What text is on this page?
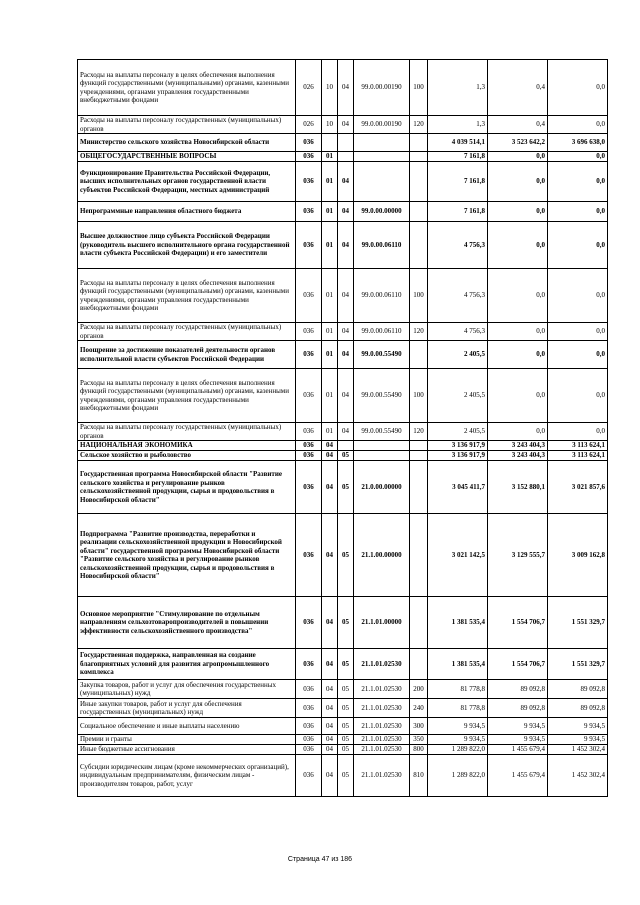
Расходы на выплаты персоналу в целях обеспечения выполнения функций государственными (муниципальными) органами, казенными учреждениями, органами управления государственными внебюджетными фондами	026	10	04	99.0.00.00190	100	1,3	0,4	0,0
Расходы на выплаты персоналу государственных (муниципальных) органов	026	10	04	99.0.00.00190	120	1,3	0,4	0,0
Министерство сельского хозяйства Новосибирской области	036					4 039 514,1	3 523 642,2	3 696 638,0
ОБЩЕГОСУДАРСТВЕННЫЕ ВОПРОСЫ	036	01				7 161,8	0,0	0,0
Функционирование Правительства Российской Федерации, высших исполнительных органов государственной власти субъектов Российской Федерации, местных администраций	036	01	04			7 161,8	0,0	0,0
Непрограммные направления областного бюджета	036	01	04	99.0.00.00000		7 161,8	0,0	0,0
Высшее должностное лицо субъекта Российской Федерации (руководитель высшего исполнительного органа государственной власти субъекта Российской Федерации) и его заместители	036	01	04	99.0.00.06110		4 756,3	0,0	0,0
Расходы на выплаты персоналу в целях обеспечения выполнения функций государственными (муниципальными) органами, казенными учреждениями, органами управления государственными внебюджетными фондами	036	01	04	99.0.00.06110	100	4 756,3	0,0	0,0
Расходы на выплаты персоналу государственных (муниципальных) органов	036	01	04	99.0.00.06110	120	4 756,3	0,0	0,0
Поощрение за достижение показателей деятельности органов исполнительной власти субъектов Российской Федерации	036	01	04	99.0.00.55490		2 405,5	0,0	0,0
Расходы на выплаты персоналу в целях обеспечения выполнения функций государственными (муниципальными) органами, казенными учреждениями, органами управления государственными внебюджетными фондами	036	01	04	99.0.00.55490	100	2 405,5	0,0	0,0
Расходы на выплаты персоналу государственных (муниципальных) органов	036	01	04	99.0.00.55490	120	2 405,5	0,0	0,0
НАЦИОНАЛЬНАЯ ЭКОНОМИКА	036	04				3 136 917,9	3 243 404,3	3 113 624,1
Сельское хозяйство и рыболовство	036	04	05			3 136 917,9	3 243 404,3	3 113 624,1
Государственная программа Новосибирской области "Развитие сельского хозяйства и регулирование рынков сельскохозяйственной продукции, сырья и продовольствия в Новосибирской области"	036	04	05	21.0.00.00000		3 045 411,7	3 152 880,1	3 021 857,6
Подпрограмма "Развитие производства, переработки и реализации сельскохозяйственной продукции в Новосибирской области" государственной программы Новосибирской области "Развитие сельского хозяйства и регулирование рынков сельскохозяйственной продукции, сырья и продовольствия в Новосибирской области"	036	04	05	21.1.00.00000		3 021 142,5	3 129 555,7	3 009 162,8
Основное мероприятие "Стимулирование по отдельным направлениям сельхозтоваропроизводителей в повышении эффективности сельскохозяйственного производства"	036	04	05	21.1.01.00000		1 381 535,4	1 554 706,7	1 551 329,7
Государственная поддержка, направленная на создание благоприятных условий для развития агропромышленного комплекса	036	04	05	21.1.01.02530		1 381 535,4	1 554 706,7	1 551 329,7
Закупка товаров, работ и услуг для обеспечения государственных (муниципальных) нужд	036	04	05	21.1.01.02530	200	81 778,8	89 092,8	89 092,8
Иные закупки товаров, работ и услуг для обеспечения государственных (муниципальных) нужд	036	04	05	21.1.01.02530	240	81 778,8	89 092,8	89 092,8
Социальное обеспечение и иные выплаты населению	036	04	05	21.1.01.02530	300	9 934,5	9 934,5	9 934,5
Премии и гранты	036	04	05	21.1.01.02530	350	9 934,5	9 934,5	9 934,5
Иные бюджетные ассигнования	036	04	05	21.1.01.02530	800	1 289 822,0	1 455 679,4	1 452 302,4
Субсидии юридическим лицам (кроме некоммерческих организаций), индивидуальным предпринимателям, физическим лицам - производителям товаров, работ, услуг	036	04	05	21.1.01.02530	810	1 289 822,0	1 455 679,4	1 452 302,4
Страница 47 из 186
